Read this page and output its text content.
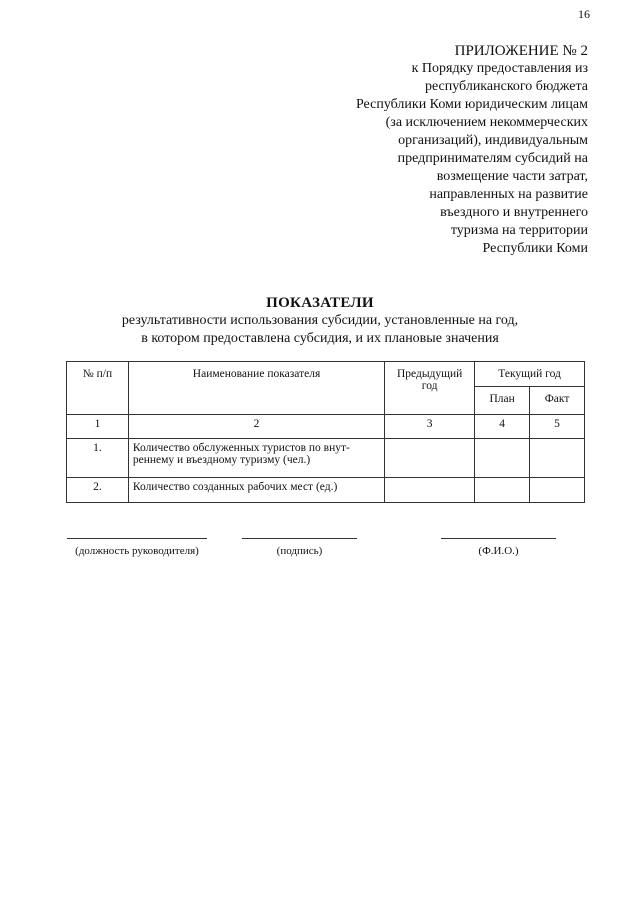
16
ПРИЛОЖЕНИЕ № 2
к Порядку предоставления из
республиканского бюджета
Республики Коми юридическим лицам
(за исключением некоммерческих
организаций), индивидуальным
предпринимателям субсидий на
возмещение части затрат,
направленных на развитие
въездного и внутреннего
туризма на территории
Республики Коми
ПОКАЗАТЕЛИ
результативности использования субсидии, установленные на год,
в котором предоставлена субсидия, и их плановые значения
№ п/п	Наименование показателя	Предыдущий год	Текущий год	
			План	Факт
1	2	3	4	5
1.	Количество обслуженных туристов по внут- реннему и въездному туризму (чел.)			
2.	Количество созданных рабочих мест (ед.)			
(должность руководителя)	(подпись)	(Ф.И.О.)
